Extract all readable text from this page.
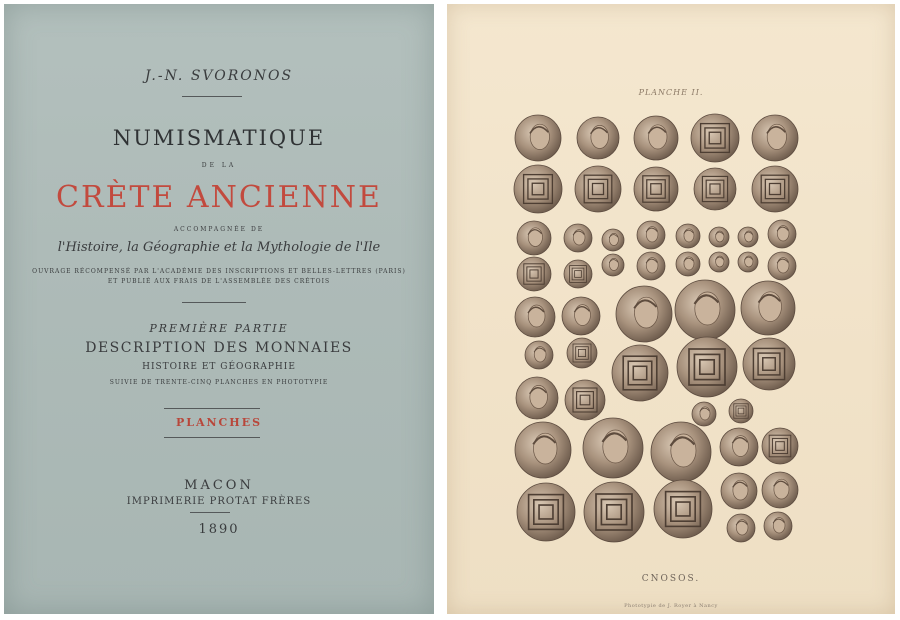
J.-N. SVORONOS
NUMISMATIQUE
DE LA
CRÈTE ANCIENNE
ACCOMPAGNÉE DE
l'Histoire, la Géographie et la Mythologie de l'Ile
OUVRAGE RÉCOMPENSÉ PAR L'ACADÉMIE DES INSCRIPTIONS ET BELLES-LETTRES (PARIS)
ET PUBLIÉ AUX FRAIS DE L'ASSEMBLÉE DES CRÉTOIS
PREMIÈRE PARTIE
DESCRIPTION DES MONNAIES
HISTOIRE ET GÉOGRAPHIE
SUIVIE DE TRENTE-CINQ PLANCHES EN PHOTOTYPIE
PLANCHES
MACON
IMPRIMERIE PROTAT FRÈRES
1890
PLANCHE II.
CNOSOS.
Phototypie de J. Royer à Nancy
